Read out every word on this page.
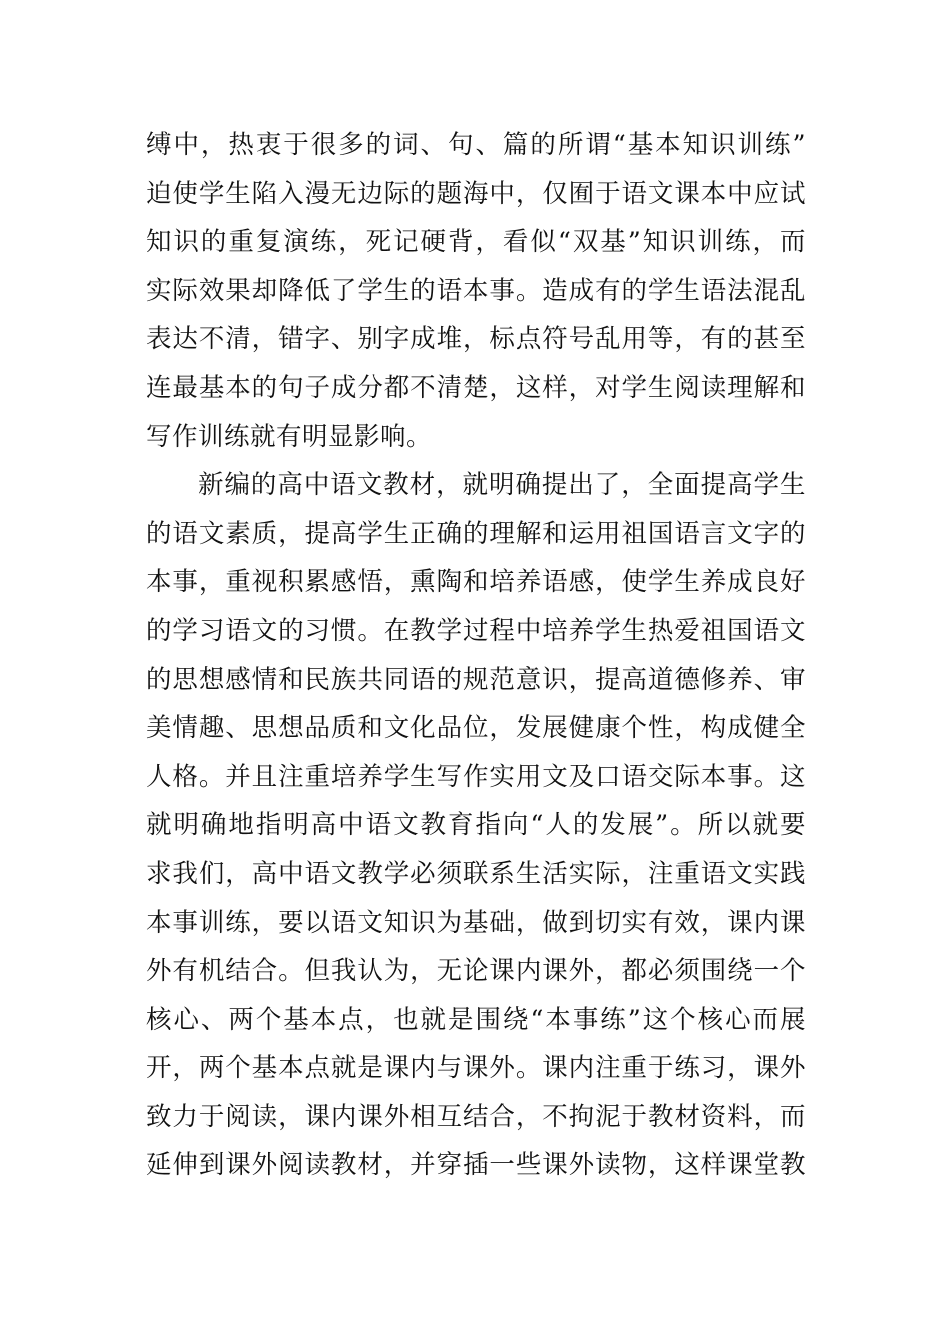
缚中，热衷于很多的词、句、篇的所谓“基本知识训练”
迫使学生陷入漫无边际的题海中，仅囿于语文课本中应试
知识的重复演练，死记硬背，看似“双基”知识训练，而
实际效果却降低了学生的语本事。造成有的学生语法混乱
表达不清，错字、别字成堆，标点符号乱用等，有的甚至
连最基本的句子成分都不清楚，这样，对学生阅读理解和
写作训练就有明显影响。
新编的高中语文教材，就明确提出了，全面提高学生
的语文素质，提高学生正确的理解和运用祖国语言文字的
本事，重视积累感悟，熏陶和培养语感，使学生养成良好
的学习语文的习惯。在教学过程中培养学生热爱祖国语文
的思想感情和民族共同语的规范意识，提高道德修养、审
美情趣、思想品质和文化品位，发展健康个性，构成健全
人格。并且注重培养学生写作实用文及口语交际本事。这
就明确地指明高中语文教育指向“人的发展”。所以就要
求我们，高中语文教学必须联系生活实际，注重语文实践
本事训练，要以语文知识为基础，做到切实有效，课内课
外有机结合。但我认为，无论课内课外，都必须围绕一个
核心、两个基本点，也就是围绕“本事练”这个核心而展
开，两个基本点就是课内与课外。课内注重于练习，课外
致力于阅读，课内课外相互结合，不拘泥于教材资料，而
延伸到课外阅读教材，并穿插一些课外读物，这样课堂教
